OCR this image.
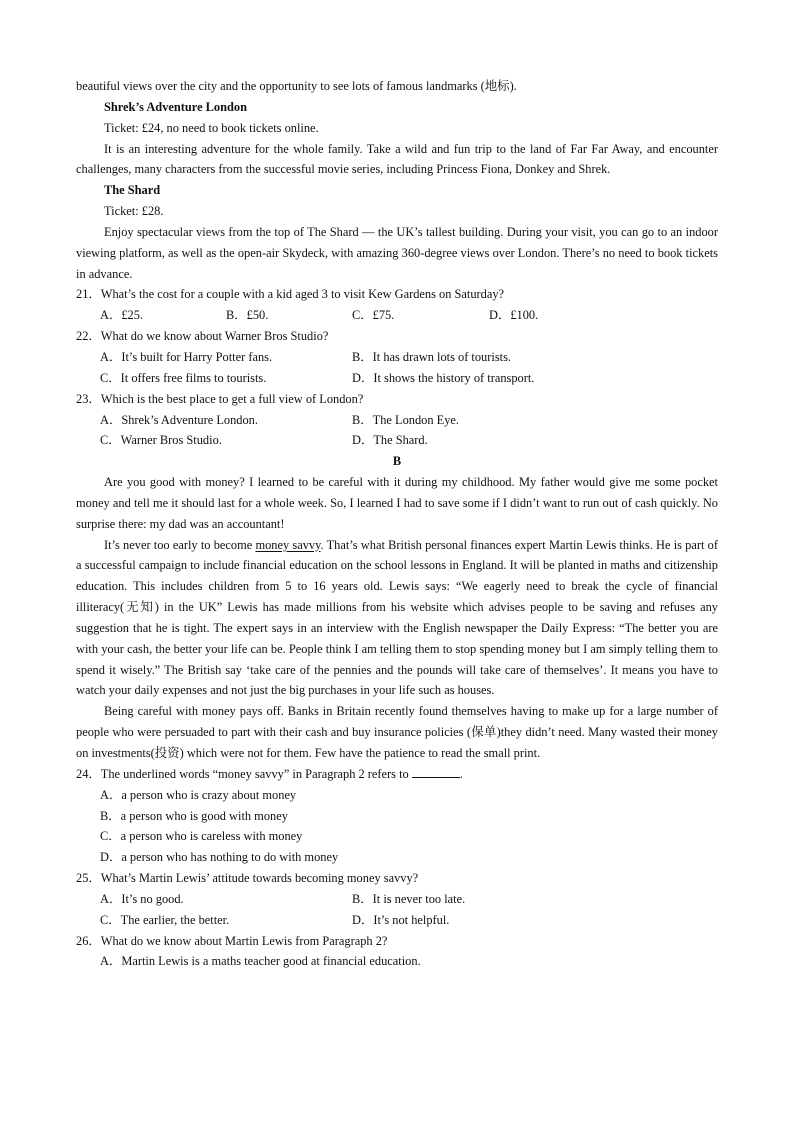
beautiful views over the city and the opportunity to see lots of famous landmarks (地标).

Shrek’s Adventure London

Ticket: £24, no need to book tickets online.

It is an interesting adventure for the whole family. Take a wild and fun trip to the land of Far Far Away, and encounter challenges, many characters from the successful movie series, including Princess Fiona, Donkey and Shrek.

The Shard

Ticket: £28.

Enjoy spectacular views from the top of The Shard — the UK’s tallest building. During your visit, you can go to an indoor viewing platform, as well as the open-air Skydeck, with amazing 360-degree views over London. There’s no need to book tickets in advance.

21．What’s the cost for a couple with a kid aged 3 to visit Kew Gardens on Saturday?

A．£25.	B．£50.	C．£75.	D．£100.

22．What do we know about Warner Bros Studio?

A．It’s built for Harry Potter fans.	B．It has drawn lots of tourists.
C．It offers free films to tourists.	D．It shows the history of transport.

23．Which is the best place to get a full view of London?

A．Shrek’s Adventure London.	B．The London Eye.
C．Warner Bros Studio.	D．The Shard.

B

Are you good with money? I learned to be careful with it during my childhood. My father would give me some pocket money and tell me it should last for a whole week. So, I learned I had to save some if I didn’t want to run out of cash quickly. No surprise there: my dad was an accountant!

It’s never too early to become money savvy. That’s what British personal finances expert Martin Lewis thinks. He is part of a successful campaign to include financial education on the school lessons in England. It will be planted in maths and citizenship education. This includes children from 5 to 16 years old. Lewis says: “We eagerly need to break the cycle of financial illiteracy(无知) in the UK” Lewis has made millions from his website which advises people to be saving and refuses any suggestion that he is tight. The expert says in an interview with the English newspaper the Daily Express: “The better you are with your cash, the better your life can be. People think I am telling them to stop spending money but I am simply telling them to spend it wisely.” The British say ‘take care of the pennies and the pounds will take care of themselves’. It means you have to watch your daily expenses and not just the big purchases in your life such as houses.

Being careful with money pays off. Banks in Britain recently found themselves having to make up for a large number of people who were persuaded to part with their cash and buy insurance policies (保单)they didn’t need. Many wasted their money on investments(投资) which were not for them. Few have the patience to read the small print.

24．The underlined words “money savvy” in Paragraph 2 refers to	.

A．a person who is crazy about money

B．a person who is good with money

C．a person who is careless with money

D．a person who has nothing to do with money

25．What’s Martin Lewis’ attitude towards becoming money savvy?

A．It’s no good.	B．It is never too late.
C．The earlier, the better.	D．It’s not helpful.

26．What do we know about Martin Lewis from Paragraph 2?

A．Martin Lewis is a maths teacher good at financial education.
